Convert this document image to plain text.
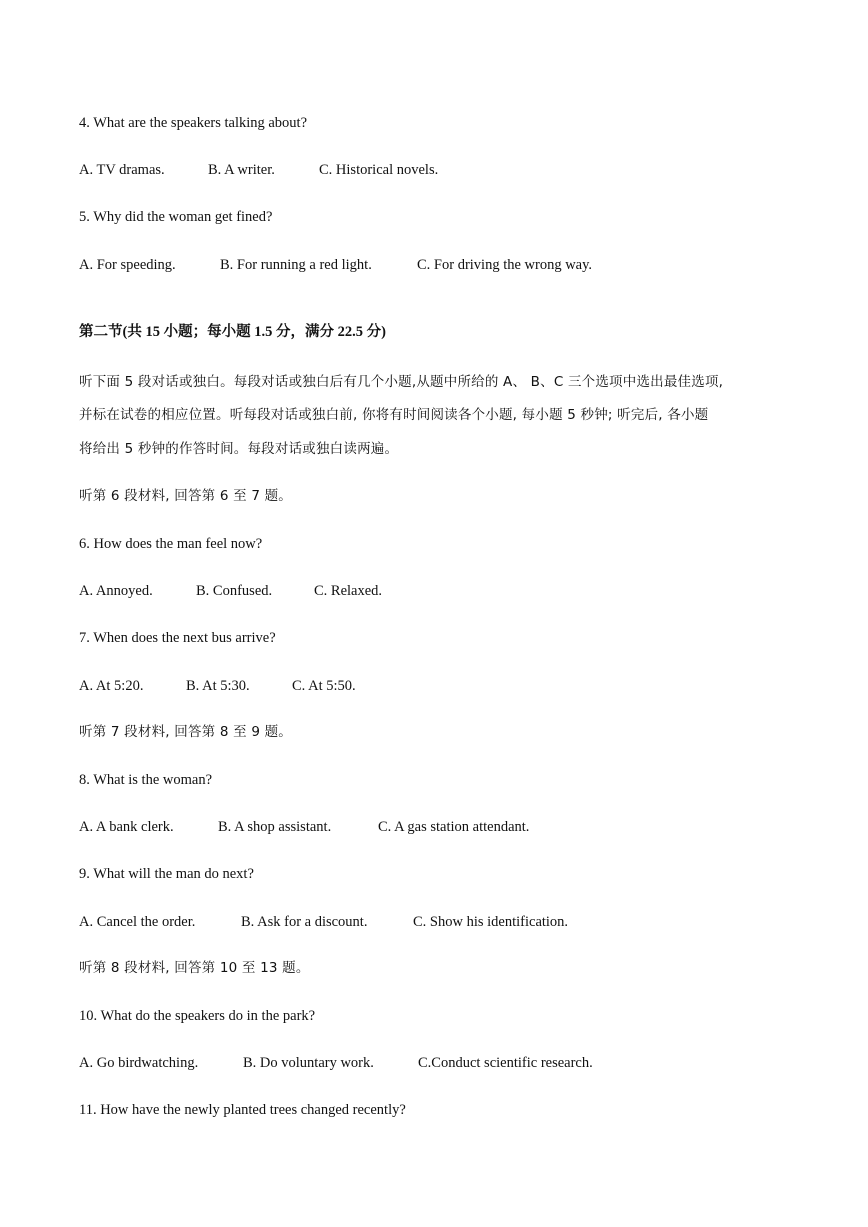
4. What are the speakers talking about?
A. TV dramas.	B. A writer.	C. Historical novels.
5. Why did the woman get fined?
A. For speeding.	B. For running a red light.	C. For driving the wrong way.
第二节(共 15 小题；每小题 1.5 分，满分 22.5 分)
听下面 5 段对话或独白。每段对话或独白后有几个小题,从题中所给的 A、 B、C 三个选项中选出最佳选项,
并标在试卷的相应位置。听每段对话或独白前, 你将有时间阅读各个小题, 每小题 5 秒钟; 听完后, 各小题
将给出 5 秒钟的作答时间。每段对话或独白读两遍。
听第 6 段材料, 回答第 6 至 7 题。
6. How does the man feel now?
A. Annoyed.	B. Confused.	C. Relaxed.
7. When does the next bus arrive?
A. At 5:20.	B. At 5:30.	C. At 5:50.
听第 7 段材料, 回答第 8 至 9 题。
8. What is the woman?
A. A bank clerk.	B. A shop assistant.	C. A gas station attendant.
9. What will the man do next?
A. Cancel the order.	B. Ask for a discount.	C. Show his identification.
听第 8 段材料, 回答第 10 至 13 题。
10. What do the speakers do in the park?
A. Go birdwatching.	B. Do voluntary work.	C.Conduct scientific research.
11. How have the newly planted trees changed recently?
